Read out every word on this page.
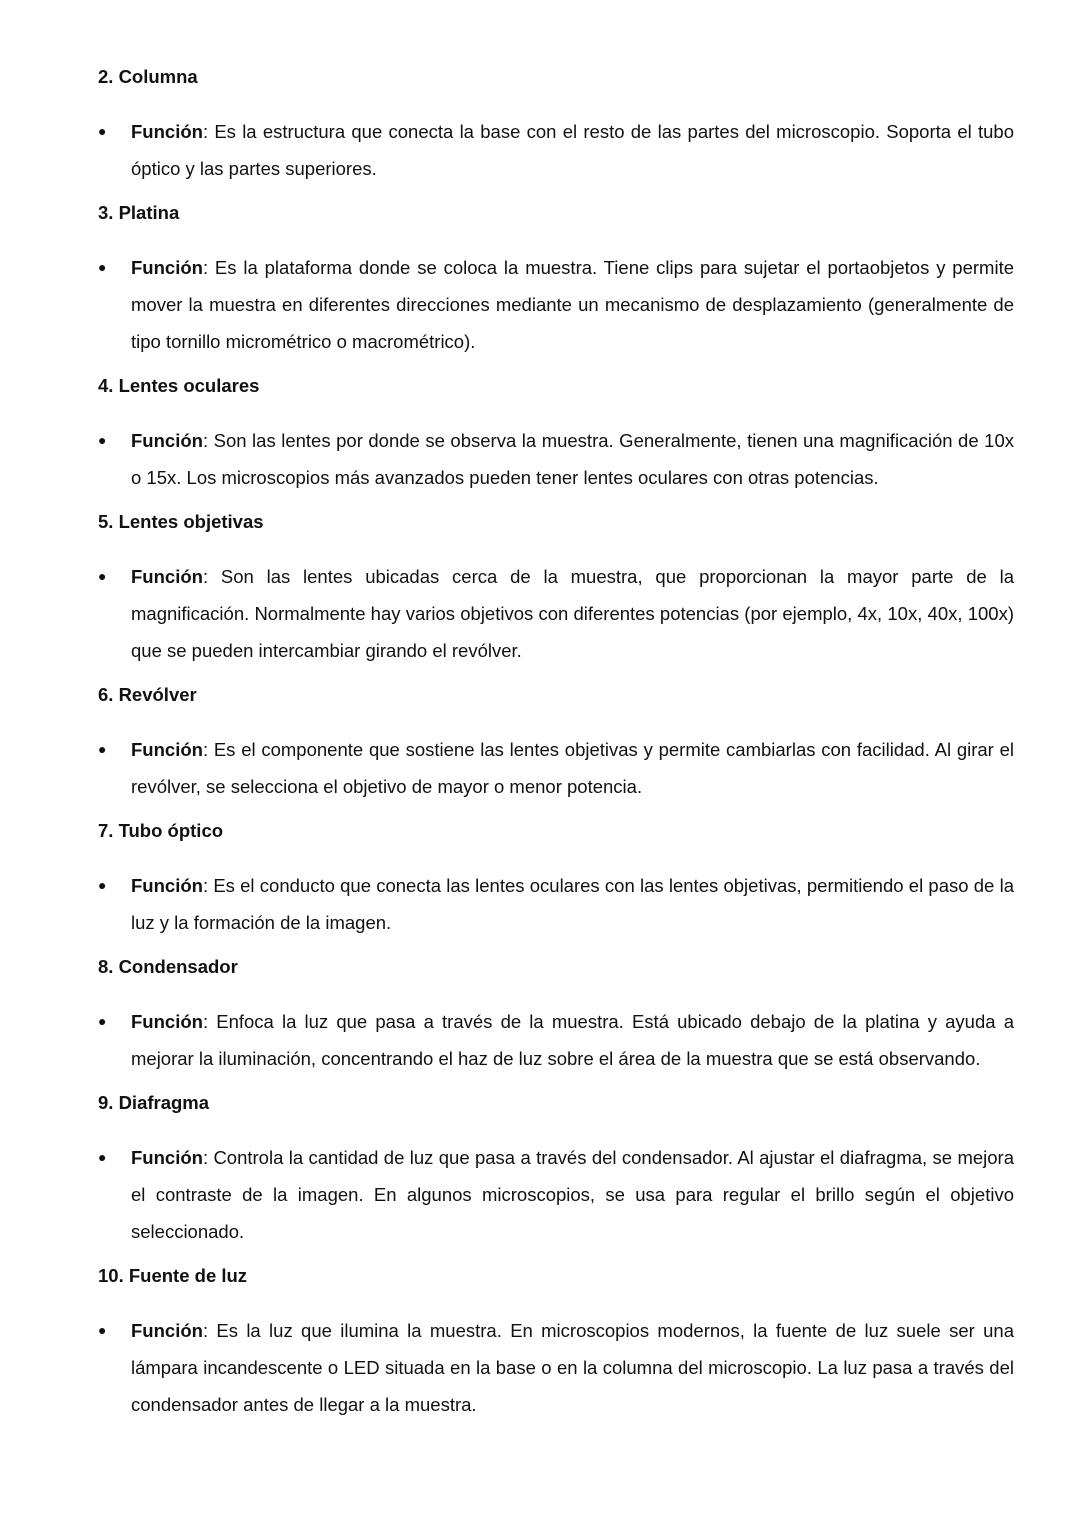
2. Columna
● Función: Es la estructura que conecta la base con el resto de las partes del microscopio. Soporta el tubo óptico y las partes superiores.
3. Platina
● Función: Es la plataforma donde se coloca la muestra. Tiene clips para sujetar el portaobjetos y permite mover la muestra en diferentes direcciones mediante un mecanismo de desplazamiento (generalmente de tipo tornillo micrométrico o macrométrico).
4. Lentes oculares
● Función: Son las lentes por donde se observa la muestra. Generalmente, tienen una magnificación de 10x o 15x. Los microscopios más avanzados pueden tener lentes oculares con otras potencias.
5. Lentes objetivas
● Función: Son las lentes ubicadas cerca de la muestra, que proporcionan la mayor parte de la magnificación. Normalmente hay varios objetivos con diferentes potencias (por ejemplo, 4x, 10x, 40x, 100x) que se pueden intercambiar girando el revólver.
6. Revólver
● Función: Es el componente que sostiene las lentes objetivas y permite cambiarlas con facilidad. Al girar el revólver, se selecciona el objetivo de mayor o menor potencia.
7. Tubo óptico
● Función: Es el conducto que conecta las lentes oculares con las lentes objetivas, permitiendo el paso de la luz y la formación de la imagen.
8. Condensador
● Función: Enfoca la luz que pasa a través de la muestra. Está ubicado debajo de la platina y ayuda a mejorar la iluminación, concentrando el haz de luz sobre el área de la muestra que se está observando.
9. Diafragma
● Función: Controla la cantidad de luz que pasa a través del condensador. Al ajustar el diafragma, se mejora el contraste de la imagen. En algunos microscopios, se usa para regular el brillo según el objetivo seleccionado.
10. Fuente de luz
● Función: Es la luz que ilumina la muestra. En microscopios modernos, la fuente de luz suele ser una lámpara incandescente o LED situada en la base o en la columna del microscopio. La luz pasa a través del condensador antes de llegar a la muestra.
